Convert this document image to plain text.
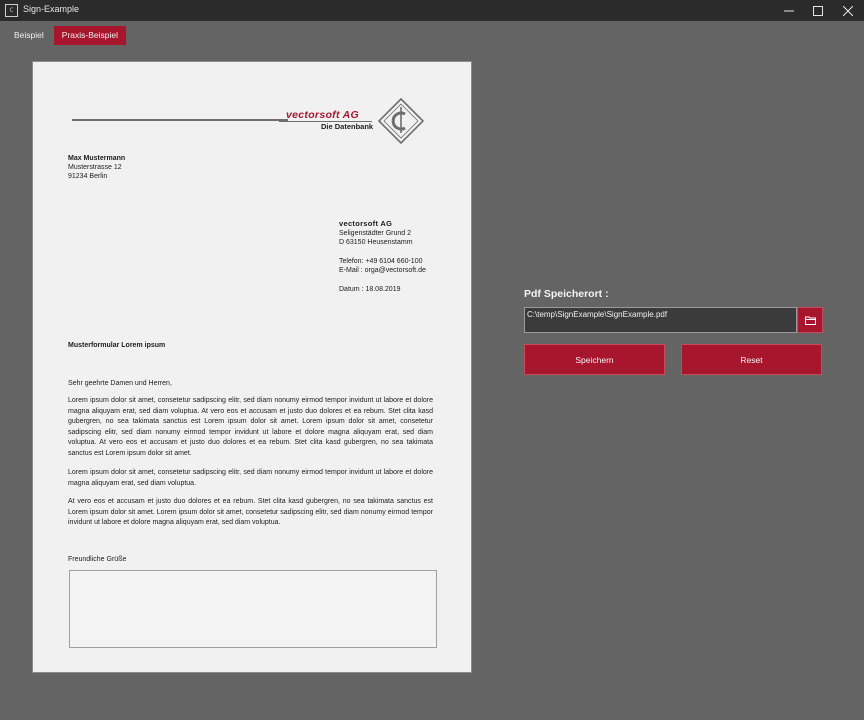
C	Sign-Example
Beispiel	Praxis-Beispiel
vectorsoft AG
Die Datenbank
Max Mustermann
Musterstrasse 12
91234 Berlin
vectorsoft AG
Seligenstädter Grund 2
D 63150 Heusenstamm
Telefon: +49 6104 660-100
E-Mail : orga@vectorsoft.de
Datum : 18.08.2019
Musterformular Lorem ipsum
Sehr geehrte Damen und Herren,
Lorem ipsum dolor sit amet, consetetur sadipscing elitr, sed diam nonumy eirmod tempor invidunt ut labore et dolore magna aliquyam erat, sed diam voluptua. At vero eos et accusam et justo duo dolores et ea rebum. Stet clita kasd gubergren, no sea takimata sanctus est Lorem ipsum dolor sit amet. Lorem ipsum dolor sit amet, consetetur sadipscing elitr, sed diam nonumy eirmod tempor invidunt ut labore et dolore magna aliquyam erat, sed diam voluptua. At vero eos et accusam et justo duo dolores et ea rebum. Stet clita kasd gubergren, no sea takimata sanctus est Lorem ipsum dolor sit amet.
Lorem ipsum dolor sit amet, consetetur sadipscing elitr, sed diam nonumy eirmod tempor invidunt ut labore et dolore magna aliquyam erat, sed diam voluptua.
At vero eos et accusam et justo duo dolores et ea rebum. Stet clita kasd gubergren, no sea takimata sanctus est Lorem ipsum dolor sit amet. Lorem ipsum dolor sit amet, consetetur sadipscing elitr, sed diam nonumy eirmod tempor invidunt ut labore et dolore magna aliquyam erat, sed diam voluptua.
Freundliche Grüße
Pdf Speicherort :
C:\temp\SignExample\SignExample.pdf
Speichern	Reset
